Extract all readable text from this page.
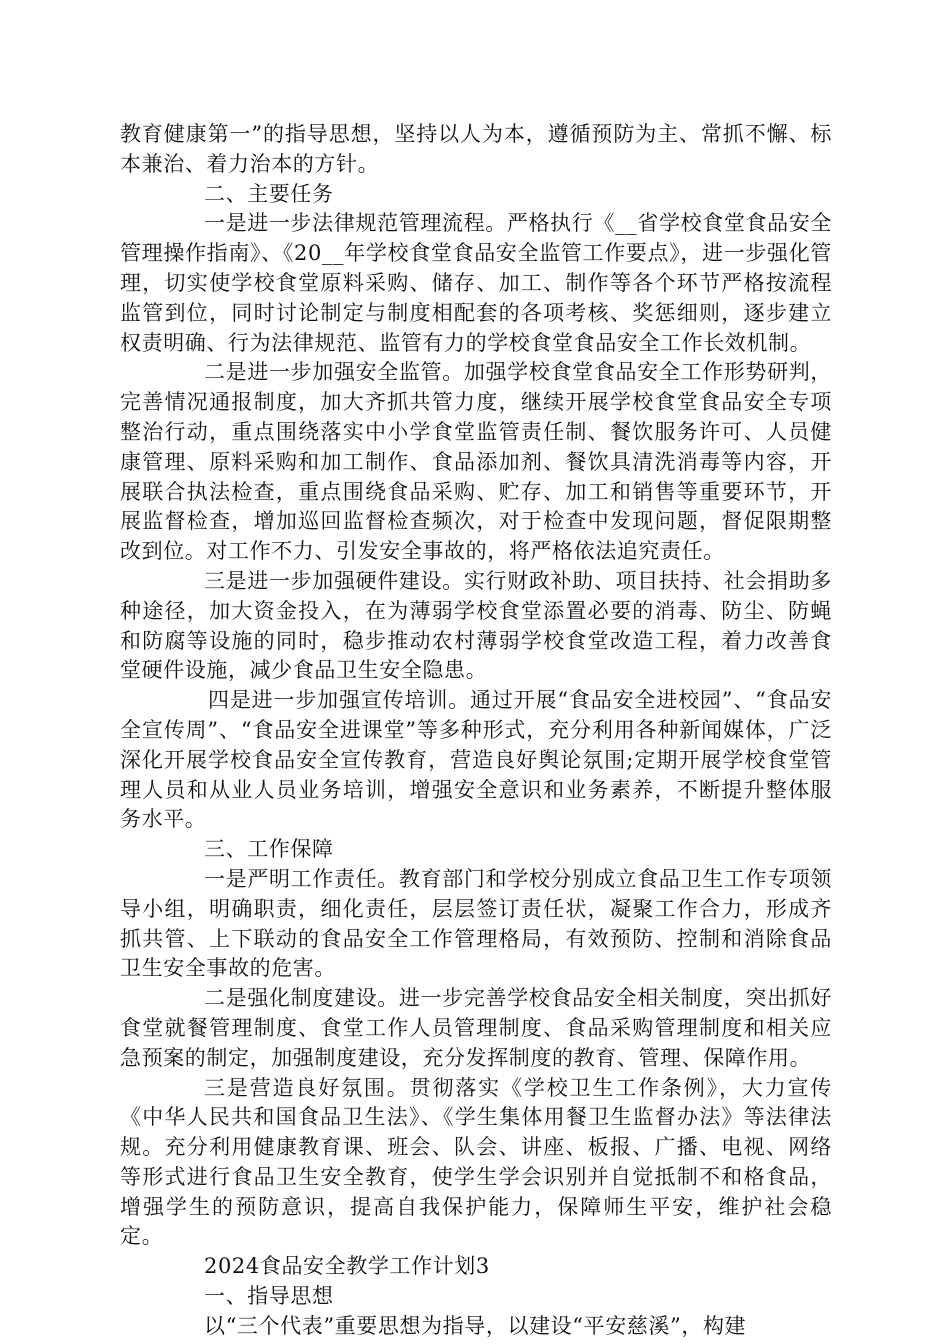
教育健康第一”的指导思想，坚持以人为本，遵循预防为主、常抓不懈、标本兼治、着力治本的方针。

二、主要任务

一是进一步法律规范管理流程。严格执行《__省学校食堂食品安全管理操作指南》、《20__年学校食堂食品安全监管工作要点》，进一步强化管理，切实使学校食堂原料采购、储存、加工、制作等各个环节严格按流程监管到位，同时讨论制定与制度相配套的各项考核、奖惩细则，逐步建立权责明确、行为法律规范、监管有力的学校食堂食品安全工作长效机制。

二是进一步加强安全监管。加强学校食堂食品安全工作形势研判，完善情况通报制度，加大齐抓共管力度，继续开展学校食堂食品安全专项整治行动，重点围绕落实中小学食堂监管责任制、餐饮服务许可、人员健康管理、原料采购和加工制作、食品添加剂、餐饮具清洗消毒等内容，开展联合执法检查，重点围绕食品采购、贮存、加工和销售等重要环节，开展监督检查，增加巡回监督检查频次，对于检查中发现问题，督促限期整改到位。对工作不力、引发安全事故的，将严格依法追究责任。

三是进一步加强硬件建设。实行财政补助、项目扶持、社会捐助多种途径，加大资金投入，在为薄弱学校食堂添置必要的消毒、防尘、防蝇和防腐等设施的同时，稳步推动农村薄弱学校食堂改造工程，着力改善食堂硬件设施，减少食品卫生安全隐患。

四是进一步加强宣传培训。通过开展“食品安全进校园”、“食品安全宣传周”、“食品安全进课堂”等多种形式，充分利用各种新闻媒体，广泛深化开展学校食品安全宣传教育，营造良好舆论氛围;定期开展学校食堂管理人员和从业人员业务培训，增强安全意识和业务素养，不断提升整体服务水平。

三、工作保障

一是严明工作责任。教育部门和学校分别成立食品卫生工作专项领导小组，明确职责，细化责任，层层签订责任状，凝聚工作合力，形成齐抓共管、上下联动的食品安全工作管理格局，有效预防、控制和消除食品卫生安全事故的危害。

二是强化制度建设。进一步完善学校食品安全相关制度，突出抓好食堂就餐管理制度、食堂工作人员管理制度、食品采购管理制度和相关应急预案的制定，加强制度建设，充分发挥制度的教育、管理、保障作用。

三是营造良好氛围。贯彻落实《学校卫生工作条例》，大力宣传《中华人民共和国食品卫生法》、《学生集体用餐卫生监督办法》等法律法规。充分利用健康教育课、班会、队会、讲座、板报、广播、电视、网络等形式进行食品卫生安全教育，使学生学会识别并自觉抵制不和格食品，增强学生的预防意识，提高自我保护能力，保障师生平安，维护社会稳定。

2024食品安全教学工作计划3

一、指导思想

以“三个代表”重要思想为指导，以建设“平安慈溪”，构建
